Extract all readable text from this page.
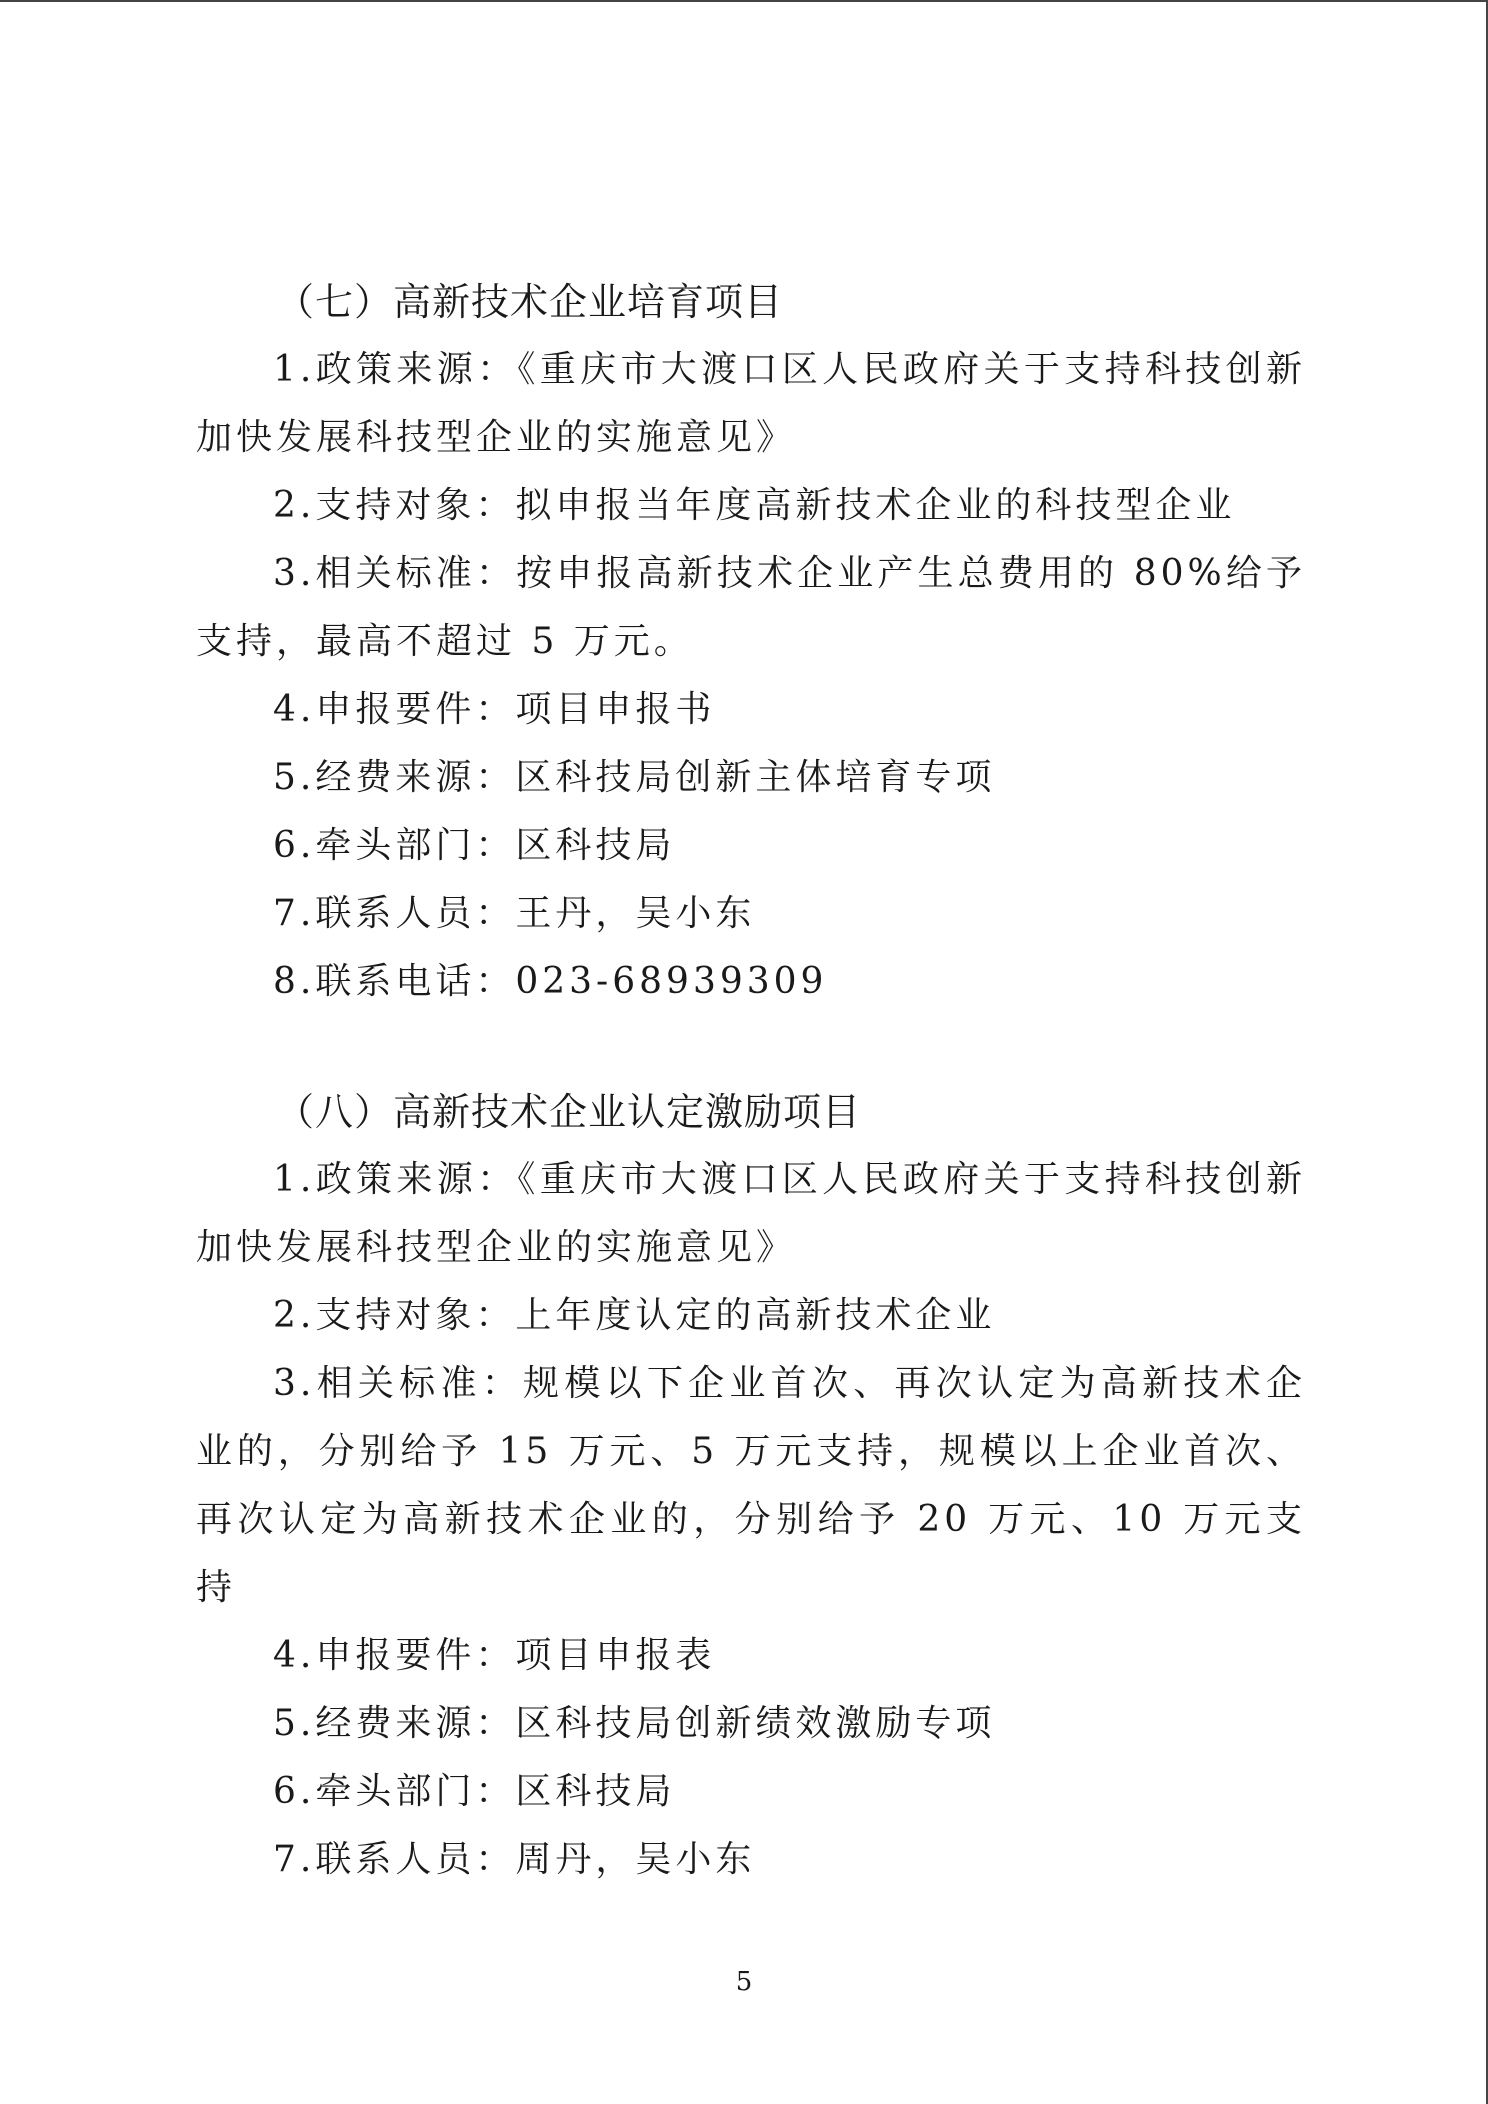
（七）高新技术企业培育项目

1.政策来源：《重庆市大渡口区人民政府关于支持科技创新加快发展科技型企业的实施意见》

2.支持对象：拟申报当年度高新技术企业的科技型企业

3.相关标准：按申报高新技术企业产生总费用的 80%给予支持，最高不超过 5 万元。

4.申报要件：项目申报书

5.经费来源：区科技局创新主体培育专项

6.牵头部门：区科技局

7.联系人员：王丹，吴小东

8.联系电话：023-68939309

（八）高新技术企业认定激励项目

1.政策来源：《重庆市大渡口区人民政府关于支持科技创新加快发展科技型企业的实施意见》

2.支持对象：上年度认定的高新技术企业

3.相关标准：规模以下企业首次、再次认定为高新技术企业的，分别给予 15 万元、5 万元支持，规模以上企业首次、再次认定为高新技术企业的，分别给予 20 万元、10 万元支持

4.申报要件：项目申报表

5.经费来源：区科技局创新绩效激励专项

6.牵头部门：区科技局

7.联系人员：周丹，吴小东

5
